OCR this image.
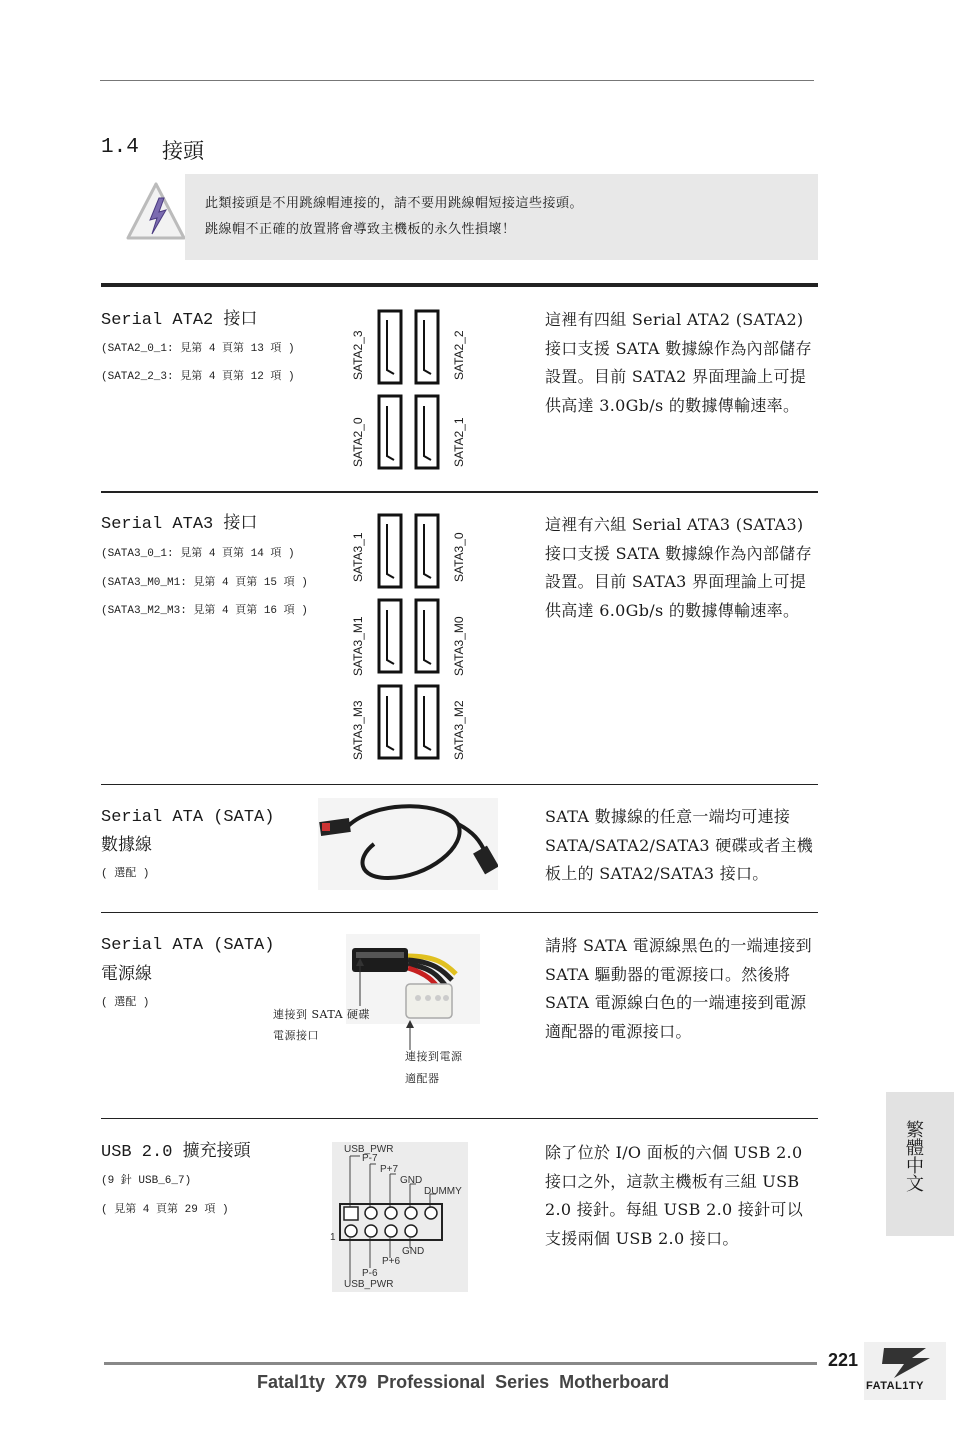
1.4 接頭
此類接頭是不用跳線帽連接的，請不要用跳線帽短接這些接頭。
跳線帽不正確的放置將會導致主機板的永久性損壞！
Serial ATA2 接口
(SATA2_0_1: 見第 4 頁第 13 項 )
(SATA2_2_3: 見第 4 頁第 12 項 )	SATA2_3	SATA2_2
SATA2_0	SATA2_1
這裡有四組 Serial ATA2 (SATA2) 接口支援 SATA 數據線作為內部儲存設置。目前 SATA2 界面理論上可提供高達 3.0Gb/s 的數據傳輸速率。
Serial ATA3 接口
(SATA3_0_1: 見第 4 頁第 14 項 )
(SATA3_M0_M1: 見第 4 頁第 15 項 )
(SATA3_M2_M3: 見第 4 頁第 16 項 )
SATA3_1	SATA3_0
SATA3_M1	SATA3_M0
SATA3_M3	SATA3_M2
這裡有六組 Serial ATA3 (SATA3) 接口支援 SATA 數據線作為內部儲存設置。目前 SATA3 界面理論上可提供高達 6.0Gb/s 的數據傳輸速率。
Serial ATA (SATA)
數據線
( 選配 )
SATA 數據線的任意一端均可連接 SATA/SATA2/SATA3 硬碟或者主機板上的 SATA2/SATA3 接口。
Serial ATA (SATA)
電源線
( 選配 )
連接到 SATA 硬碟
電源接口
連接到電源
適配器
請將 SATA 電源線黑色的一端連接到 SATA 驅動器的電源接口。然後將 SATA 電源線白色的一端連接到電源適配器的電源接口。
USB 2.0 擴充接頭
(9 針 USB_6_7)
( 見第 4 頁第 29 項 )
USB_PWR
P-7
P+7
GND
DUMMY
1
GND
P+6
P-6
USB_PWR
除了位於 I/O 面板的六個 USB 2.0 接口之外，這款主機板有三組 USB 2.0 接針。每組 USB 2.0 接針可以支援兩個 USB 2.0 接口。
繁體中文
221
Fatal1ty  X79  Professional  Series  Motherboard	FATAL1TY
